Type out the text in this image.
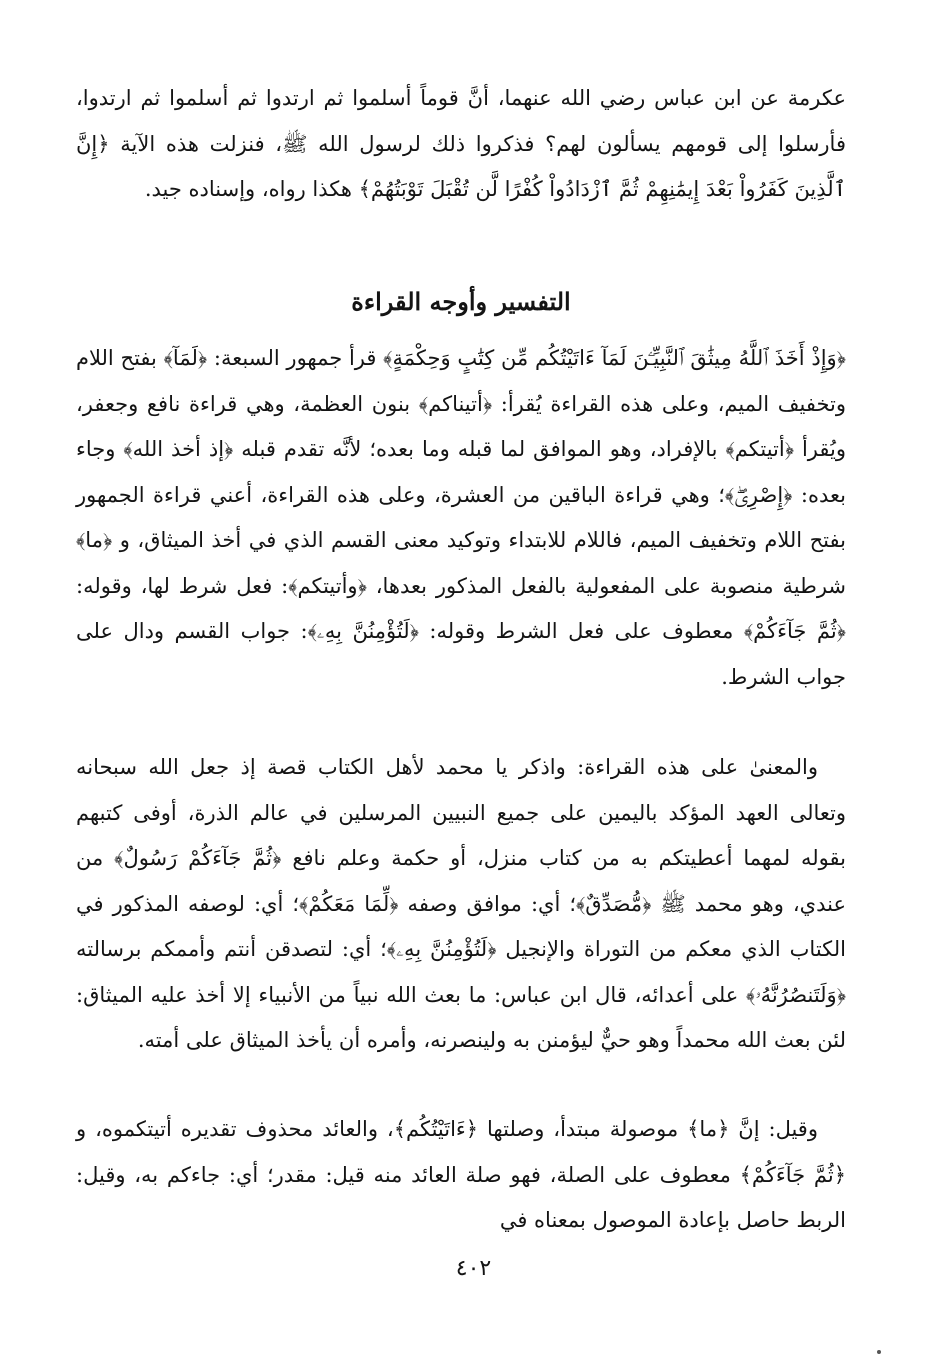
عكرمة عن ابن عباس رضي الله عنهما، أنَّ قوماً أسلموا ثم ارتدوا ثم أسلموا ثم ارتدوا، فأرسلوا إلى قومهم يسألون لهم؟ فذكروا ذلك لرسول الله ﷺ، فنزلت هذه الآية ﴿إِنَّ ٱلَّذِينَ كَفَرُواْ بَعْدَ إِيمَٰنِهِمْ ثُمَّ ٱزْدَادُواْ كُفْرًا لَّن تُقْبَلَ تَوْبَتُهُمْ﴾ هكذا رواه، وإسناده جيد.

التفسير وأوجه القراءة

﴿وَإِذْ أَخَذَ ٱللَّهُ مِيثَٰقَ ٱلنَّبِيِّـۧنَ لَمَآ ءَاتَيْتُكُم مِّن كِتَٰبٍ وَحِكْمَةٍ﴾ قرأ جمهور السبعة: ﴿لَمَآ﴾ بفتح اللام وتخفيف الميم، وعلى هذه القراءة يُقرأ: ﴿أتيناكم﴾ بنون العظمة، وهي قراءة نافع وجعفر، ويُقرأ ﴿أتيتكم﴾ بالإفراد، وهو الموافق لما قبله وما بعده؛ لأنَّه تقدم قبله ﴿إذ أخذ الله﴾ وجاء بعده: ﴿إِصْرِىۖ﴾؛ وهي قراءة الباقين من العشرة، وعلى هذه القراءة، أعني قراءة الجمهور بفتح اللام وتخفيف الميم، فاللام للابتداء وتوكيد معنى القسم الذي في أخذ الميثاق، و ﴿ما﴾ شرطية منصوبة على المفعولية بالفعل المذكور بعدها، ﴿وأتيتكم﴾: فعل شرط لها، وقوله: ﴿ثُمَّ جَآءَكُمْ﴾ معطوف على فعل الشرط وقوله: ﴿لَتُؤْمِنُنَّ بِهِۦ﴾: جواب القسم ودال على جواب الشرط.

والمعنىٰ على هذه القراءة: واذكر يا محمد لأهل الكتاب قصة إذ جعل الله سبحانه وتعالى العهد المؤكد باليمين على جميع النبيين المرسلين في عالم الذرة، أوفى كتبهم بقوله لمهما أعطيتكم به من كتاب منزل، أو حكمة وعلم نافع ﴿ثُمَّ جَآءَكُمْ رَسُولٌ﴾ من عندي، وهو محمد ﷺ ﴿مُّصَدِّقٌ﴾؛ أي: موافق وصفه ﴿لِّمَا مَعَكُمْ﴾؛ أي: لوصفه المذكور في الكتاب الذي معكم من التوراة والإنجيل ﴿لَتُؤْمِنُنَّ بِهِۦ﴾؛ أي: لتصدقن أنتم وأممكم برسالته ﴿وَلَتَنصُرُنَّهُۥ﴾ على أعدائه، قال ابن عباس: ما بعث الله نبياً من الأنبياء إلا أخذ عليه الميثاق: لئن بعث الله محمداً وهو حيٌّ ليؤمنن به ولينصرنه، وأمره أن يأخذ الميثاق على أمته.

وقيل: إنَّ ﴿ما﴾ موصولة مبتدأ، وصلتها ﴿ءَاتَيْتُكُم﴾، والعائد محذوف تقديره أتيتكموه، و ﴿ثُمَّ جَآءَكُمْ﴾ معطوف على الصلة، فهو صلة العائد منه قيل: مقدر؛ أي: جاءكم به، وقيل: الربط حاصل بإعادة الموصول بمعناه في

٤٠٢
